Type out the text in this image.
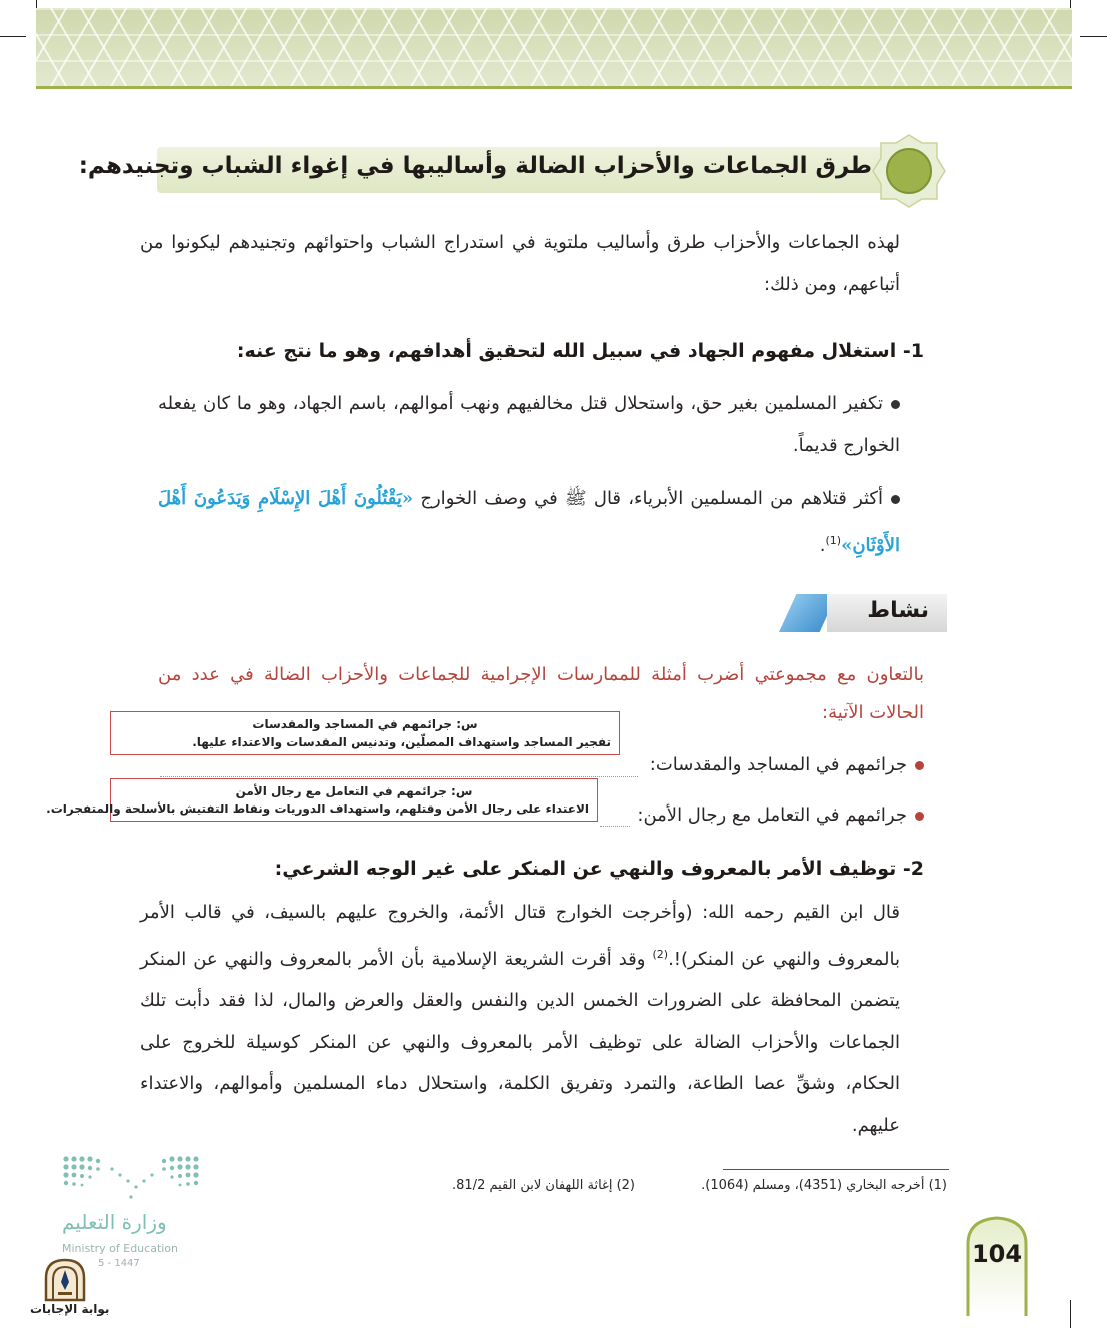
طرق الجماعات والأحزاب الضالة وأساليبها في إغواء الشباب وتجنيدهم:

لهذه الجماعات والأحزاب طرق وأساليب ملتوية في استدراج الشباب واحتوائهم وتجنيدهم ليكونوا من أتباعهم، ومن ذلك:

1- استغلال مفهوم الجهاد في سبيل الله لتحقيق أهدافهم، وهو ما نتج عنه:

تكفير المسلمين بغير حق، واستحلال قتل مخالفيهم ونهب أموالهم، باسم الجهاد، وهو ما كان يفعله الخوارج قديماً.

أكثر قتلاهم من المسلمين الأبرياء، قال ﷺ في وصف الخوارج «يَقْتُلُونَ أَهْلَ الإِسْلَامِ وَيَدَعُونَ أَهْلَ الأَوْثَانِ»$^{(1)}$.

نشاط

بالتعاون مع مجموعتي أضرب أمثلة للممارسات الإجرامية للجماعات والأحزاب الضالة في عدد من الحالات الآتية:

س: جرائمهم في المساجد والمقدسات
تفجير المساجد واستهداف المصلّين، وتدنيس المقدسات والاعتداء عليها.
جرائمهم في المساجد والمقدسات:
س: جرائمهم في التعامل مع رجال الأمن
الاعتداء على رجال الأمن وقتلهم، واستهداف الدوريات ونقاط التفتيش بالأسلحة والمتفجرات.	جرائمهم في التعامل مع رجال الأمن:

2- توظيف الأمر بالمعروف والنهي عن المنكر على غير الوجه الشرعي:

قال ابن القيم رحمه الله: (وأخرجت الخوارج قتال الأئمة، والخروج عليهم بالسيف، في قالب الأمر بالمعروف والنهي عن المنكر)!.$^{(2)}$ وقد أقرت الشريعة الإسلامية بأن الأمر بالمعروف والنهي عن المنكر يتضمن المحافظة على الضرورات الخمس الدين والنفس والعقل والعرض والمال، لذا فقد دأبت تلك الجماعات والأحزاب الضالة على توظيف الأمر بالمعروف والنهي عن المنكر كوسيلة للخروج على الحكام، وشقِّ عصا الطاعة، والتمرد وتفريق الكلمة، واستحلال دماء المسلمين وأموالهم، والاعتداء عليهم.

(1) أخرجه البخاري (4351)، ومسلم (1064).
(2) إغاثة اللهفان لابن القيم 81/2.
وزارة التعليم
Ministry of Education
5 - 1447
بوابة الإجابات
104
